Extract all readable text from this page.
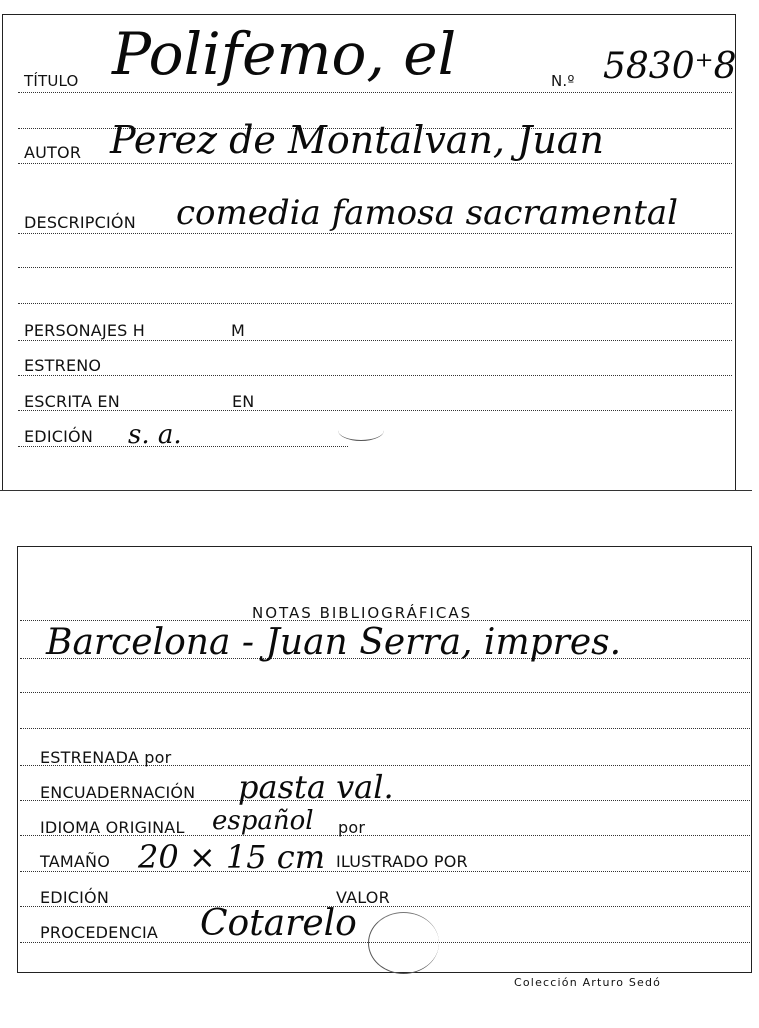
TÍTULO Polifemo, el	N.º 5830⁺8
AUTOR Perez de Montalvan, Juan
DESCRIPCIÓN comedia famosa sacramental
PERSONAJES H	M
ESTRENO
ESCRITA EN	EN
EDICIÓN s. a.
NOTAS BIBLIOGRÁFICAS
Barcelona - Juan Serra, impres.
ESTRENADA por
ENCUADERNACIÓN pasta val.
IDIOMA ORIGINAL español por
TAMAÑO 20 × 15 cm ILUSTRADO POR
EDICIÓN	VALOR
PROCEDENCIA Cotarelo
Colección Arturo Sedó
